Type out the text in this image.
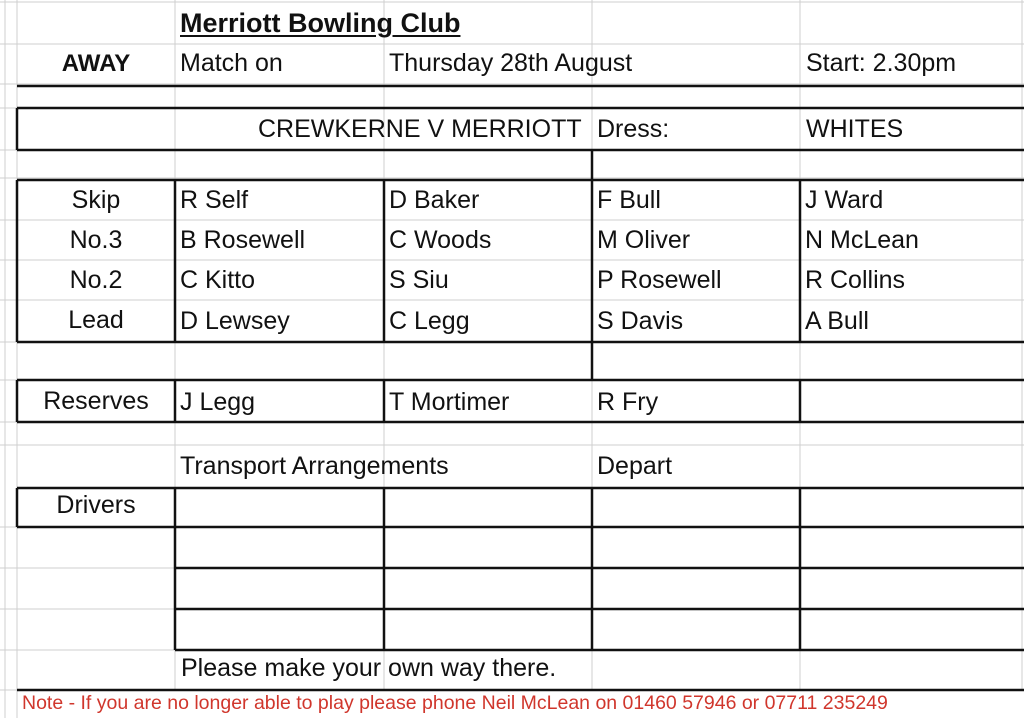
Merriott Bowling Club
AWAY	Match on	Thursday 28th August	Start: 2.30pm
CREWKERNE V MERRIOTT Dress:	WHITES
Skip	R Self	D Baker	F Bull	J Ward
No.3	B Rosewell	C Woods	M Oliver	N McLean
No.2	C Kitto	S Siu	P Rosewell	R Collins
Lead	D Lewsey	C Legg	S Davis	A Bull
Reserves	J Legg	T Mortimer	R Fry
Transport Arrangements	Depart
Drivers
Please make your own way there.
Note - If you are no longer able to play please phone Neil McLean on 01460 57946 or 07711 235249
